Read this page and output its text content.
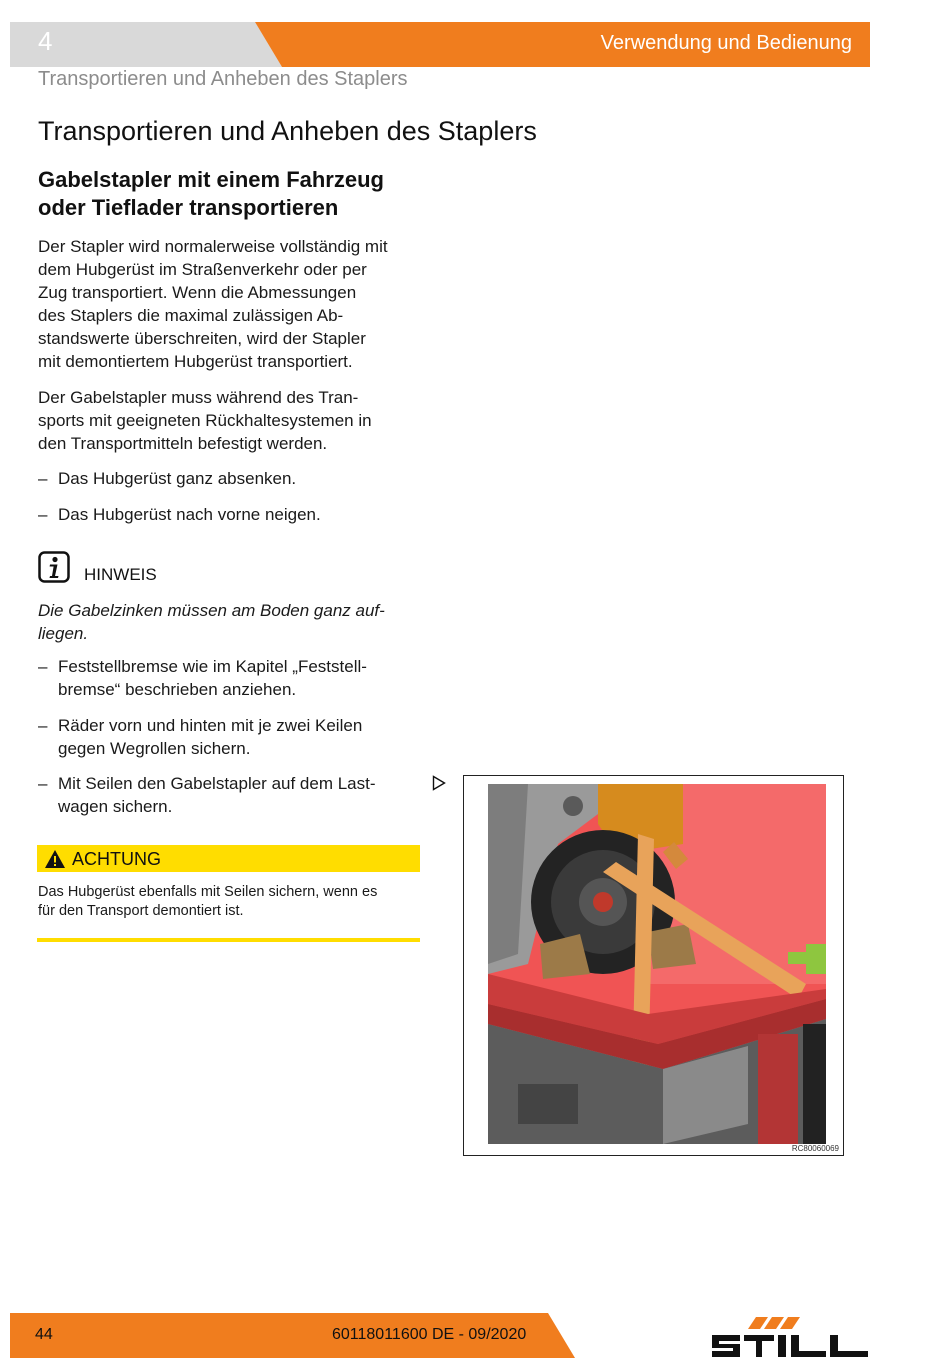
4	Verwendung und Bedienung
Transportieren und Anheben des Staplers
Transportieren und Anheben des Staplers
Gabelstapler mit einem Fahrzeug
oder Tieflader transportieren
Der Stapler wird normalerweise vollständig mit
dem Hubgerüst im Straßenverkehr oder per
Zug transportiert. Wenn die Abmessungen
des Staplers die maximal zulässigen Ab-
standswerte überschreiten, wird der Stapler
mit demontiertem Hubgerüst transportiert.
Der Gabelstapler muss während des Tran-
sports mit geeigneten Rückhaltesystemen in
den Transportmitteln befestigt werden.
– Das Hubgerüst ganz absenken.
– Das Hubgerüst nach vorne neigen.
HINWEIS
Die Gabelzinken müssen am Boden ganz auf-
liegen.
– Feststellbremse wie im Kapitel „Feststell-
bremse“ beschrieben anziehen.
– Räder vorn und hinten mit je zwei Keilen
gegen Wegrollen sichern.
– Mit Seilen den Gabelstapler auf dem Last-
wagen sichern.
ACHTUNG
Das Hubgerüst ebenfalls mit Seilen sichern, wenn es
für den Transport demontiert ist.
RC80060069
44	60118011600 DE - 09/2020
